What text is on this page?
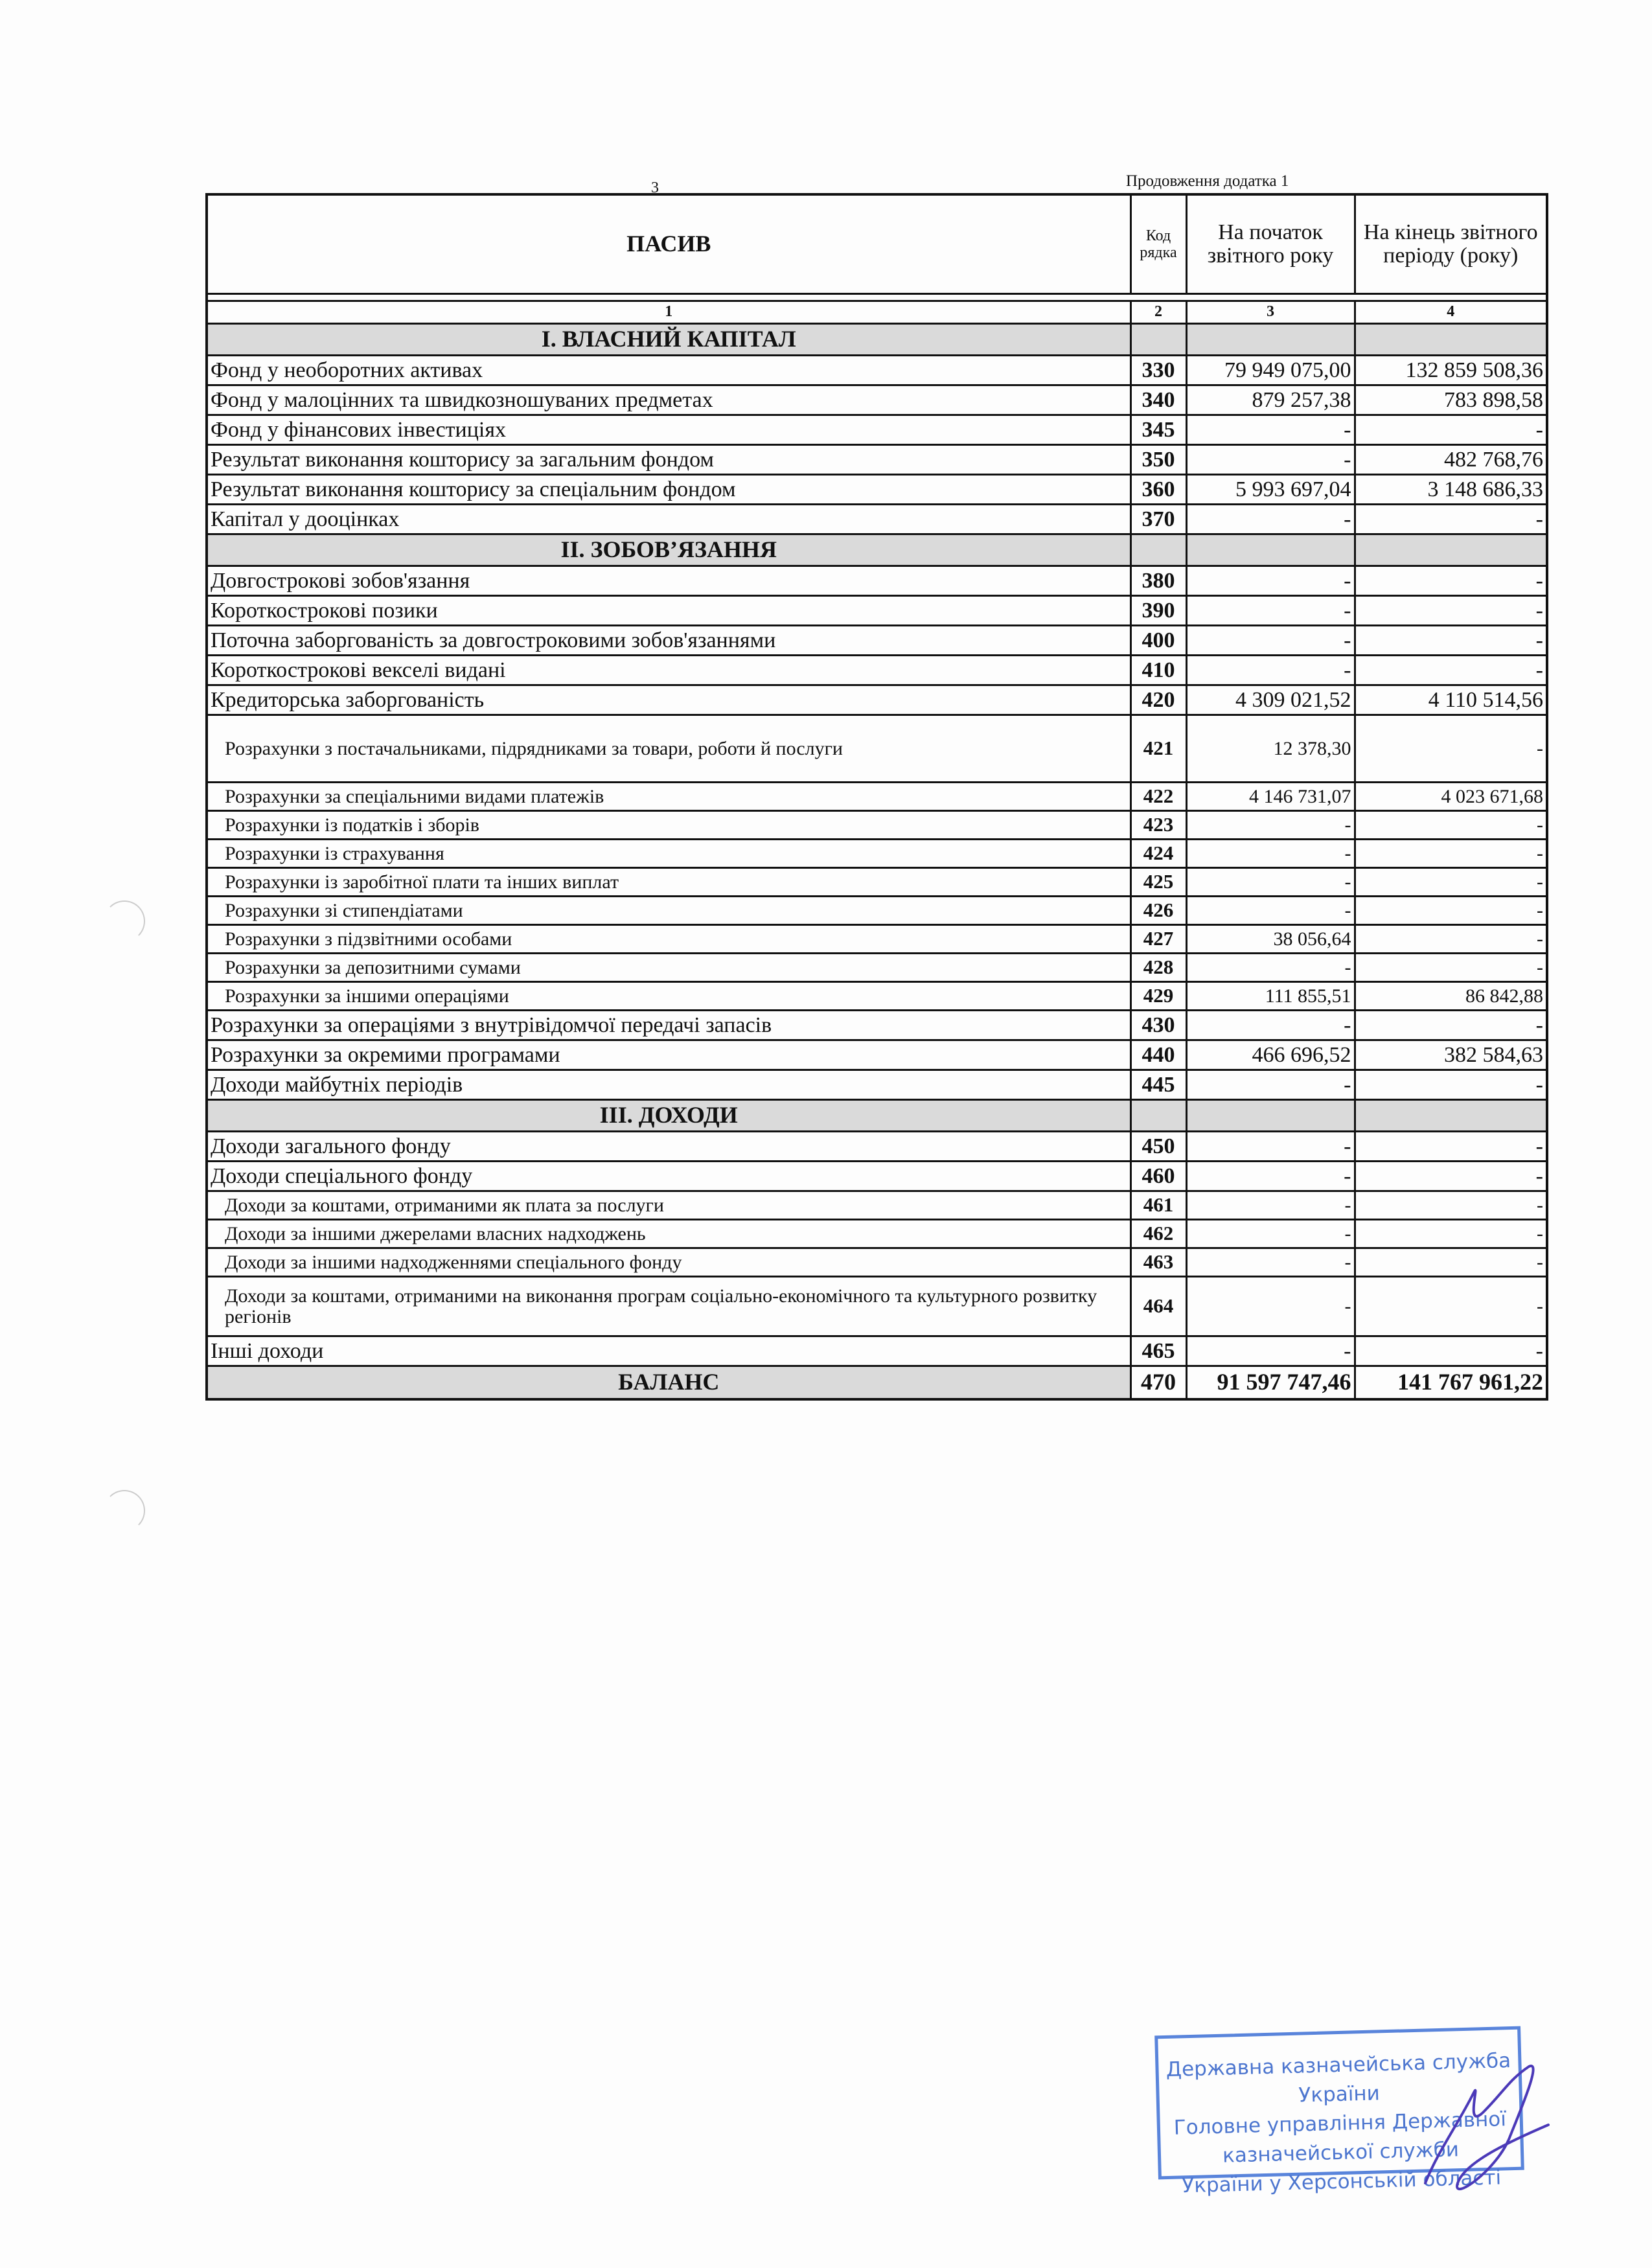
3	Продовження додатка 1
ПАСИВ	Код
рядка	На початок звітного року	На кінець звітного періоду (року)

1	2	3	4
І. ВЛАСНИЙ КАПІТАЛ			
Фонд у необоротних активах	330	79 949 075,00	132 859 508,36
Фонд у малоцінних та швидкозношуваних предметах	340	879 257,38	783 898,58
Фонд у фінансових інвестиціях	345	-	-
Результат виконання кошторису за загальним фондом	350	-	482 768,76
Результат виконання кошторису за спеціальним фондом	360	5 993 697,04	3 148 686,33
Капітал у дооцінках	370	-	-
ІІ. ЗОБОВ’ЯЗАННЯ			
Довгострокові зобов'язання	380	-	-
Короткострокові позики	390	-	-
Поточна заборгованість за довгостроковими зобов'язаннями	400	-	-
Короткострокові векселі видані	410	-	-
Кредиторська заборгованість	420	4 309 021,52	4 110 514,56
Розрахунки з постачальниками, підрядниками за товари, роботи й послуги	421	12 378,30	-
Розрахунки за спеціальними видами платежів	422	4 146 731,07	4 023 671,68
Розрахунки із податків і зборів	423	-	-
Розрахунки із страхування	424	-	-
Розрахунки із заробітної плати та інших виплат	425	-	-
Розрахунки зі стипендіатами	426	-	-
Розрахунки з підзвітними особами	427	38 056,64	-
Розрахунки за депозитними сумами	428	-	-
Розрахунки за іншими операціями	429	111 855,51	86 842,88
Розрахунки за операціями з внутрівідомчої передачі запасів	430	-	-
Розрахунки за окремими програмами	440	466 696,52	382 584,63
Доходи майбутніх періодів	445	-	-
ІІІ. ДОХОДИ			
Доходи загального фонду	450	-	-
Доходи спеціального фонду	460	-	-
Доходи за коштами, отриманими як плата за послуги	461	-	-
Доходи за іншими джерелами власних надходжень	462	-	-
Доходи за іншими надходженнями спеціального фонду	463	-	-
Доходи за коштами, отриманими на виконання програм соціально-економічного та культурного розвитку регіонів	464	-	-
Інші доходи	465	-	-
БАЛАНС	470	91 597 747,46	141 767 961,22
Державна казначейська служба України
Головне управління Державної казначейської служби
України у Херсонській області
